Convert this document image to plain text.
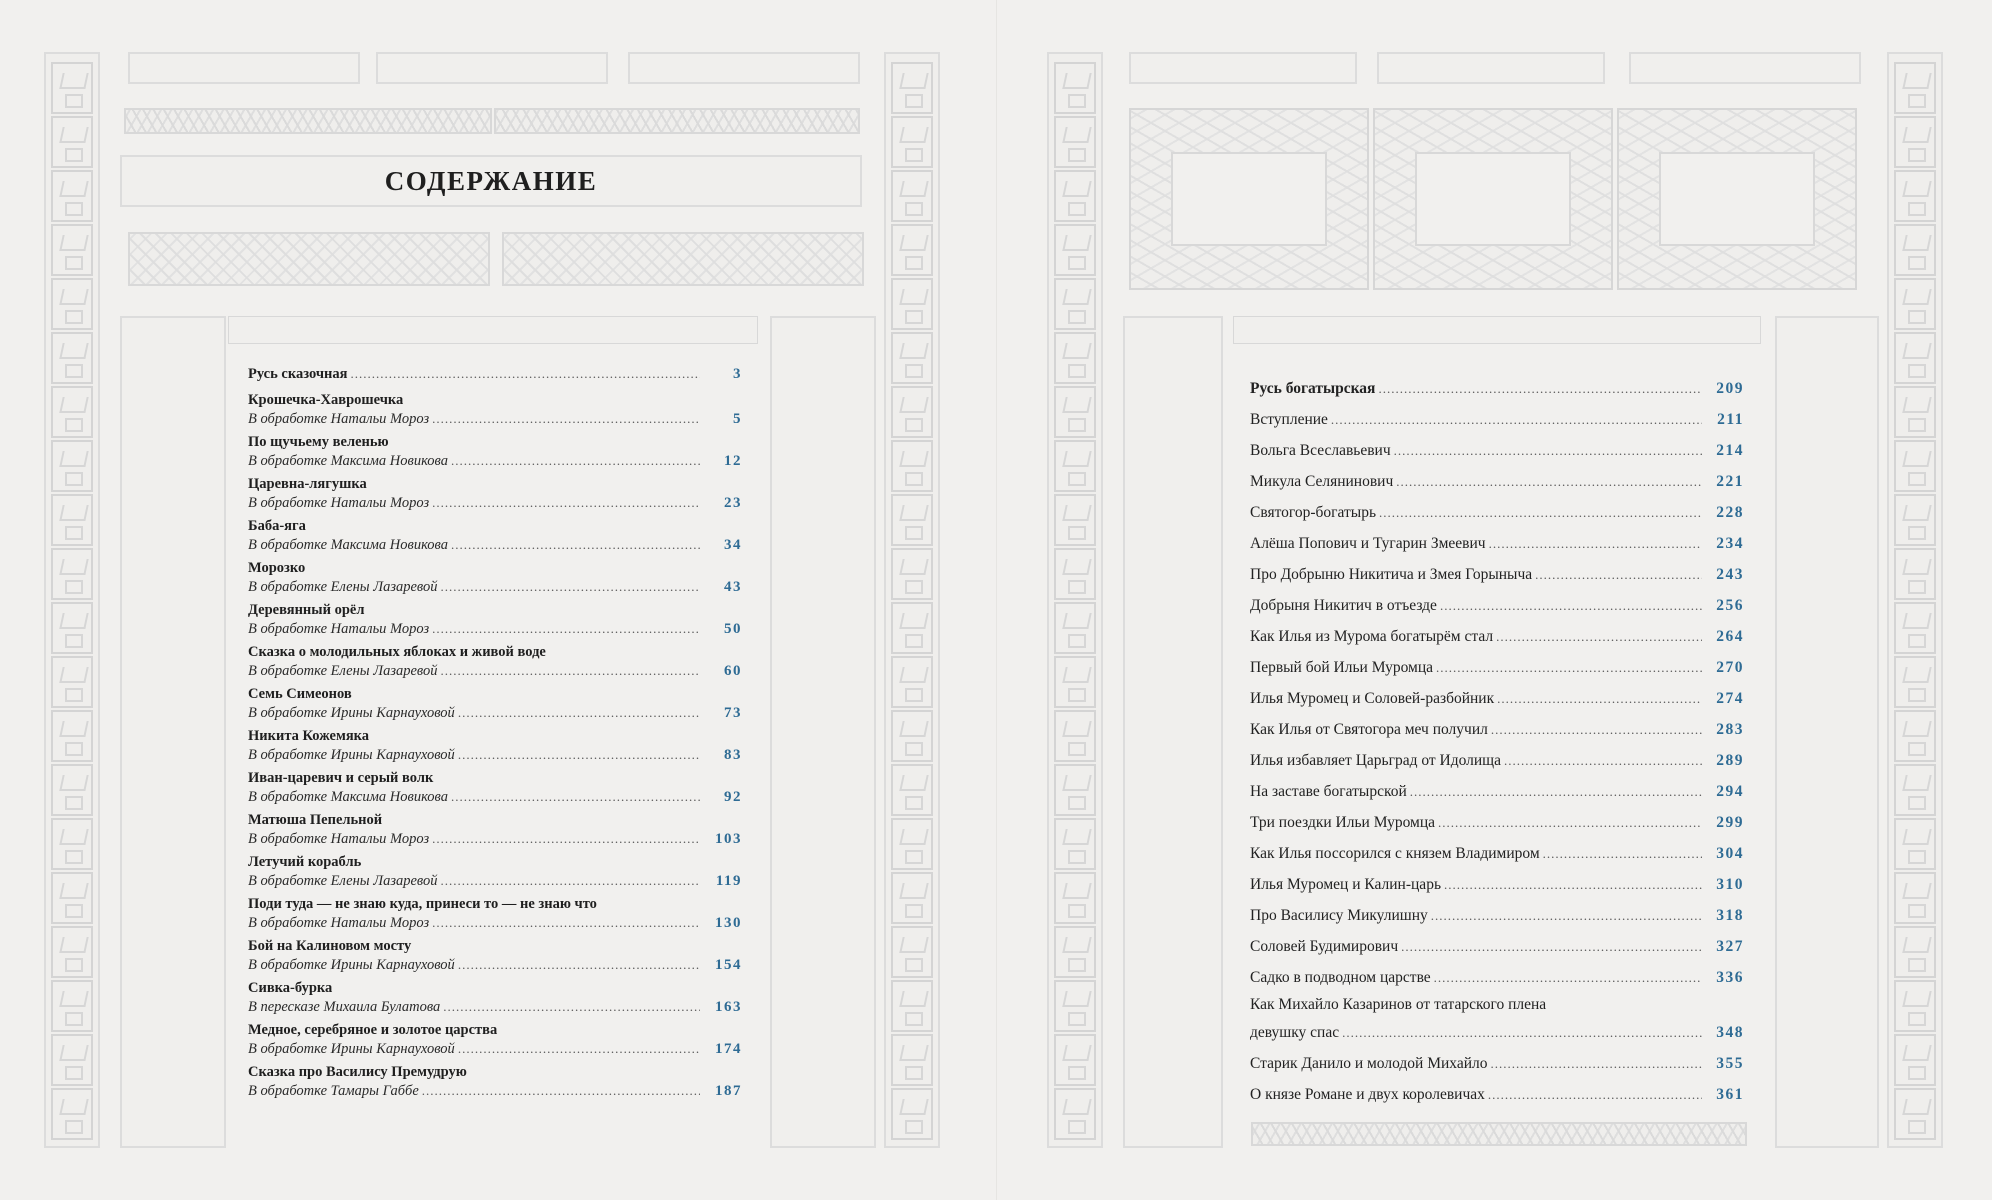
СОДЕРЖАНИЕ
Русь сказочная .....	3
Крошечка-Хаврошечка
В обработке Натальи Мороз .....	5
По щучьему веленью
В обработке Максима Новикова .....	12
Царевна-лягушка
В обработке Натальи Мороз .....	23
Баба-яга
В обработке Максима Новикова .....	34
Морозко
В обработке Елены Лазаревой .....	43
Деревянный орёл
В обработке Натальи Мороз .....	50
Сказка о молодильных яблоках и живой воде
В обработке Елены Лазаревой .....	60
Семь Симеонов
В обработке Ирины Карнауховой .....	73
Никита Кожемяка
В обработке Ирины Карнауховой .....	83
Иван-царевич и серый волк
В обработке Максима Новикова .....	92
Матюша Пепельной
В обработке Натальи Мороз .....	103
Летучий корабль
В обработке Елены Лазаревой .....	119
Поди туда — не знаю куда, принеси то — не знаю что
В обработке Натальи Мороз .....	130
Бой на Калиновом мосту
В обработке Ирины Карнауховой .....	154
Сивка-бурка
В пересказе Михаила Булатова .....	163
Медное, серебряное и золотое царства
В обработке Ирины Карнауховой .....	174
Сказка про Василису Премудрую
В обработке Тамары Габбе .....	187
Русь богатырская .....	209
Вступление .....	211
Вольга Всеславьевич .....	214
Микула Селянинович .....	221
Святогор-богатырь .....	228
Алёша Попович и Тугарин Змеевич .....	234
Про Добрыню Никитича и Змея Горыныча .....	243
Добрыня Никитич в отъезде .....	256
Как Илья из Мурома богатырём стал .....	264
Первый бой Ильи Муромца .....	270
Илья Муромец и Соловей-разбойник .....	274
Как Илья от Святогора меч получил .....	283
Илья избавляет Царьград от Идолища .....	289
На заставе богатырской .....	294
Три поездки Ильи Муромца .....	299
Как Илья поссорился с князем Владимиром .....	304
Илья Муромец и Калин-царь .....	310
Про Василису Микулишну .....	318
Соловей Будимирович .....	327
Садко в подводном царстве .....	336
Как Михайло Казаринов от татарского плена
девушку спас .....	348
Старик Данило и молодой Михайло .....	355
О князе Романе и двух королевичах .....	361
